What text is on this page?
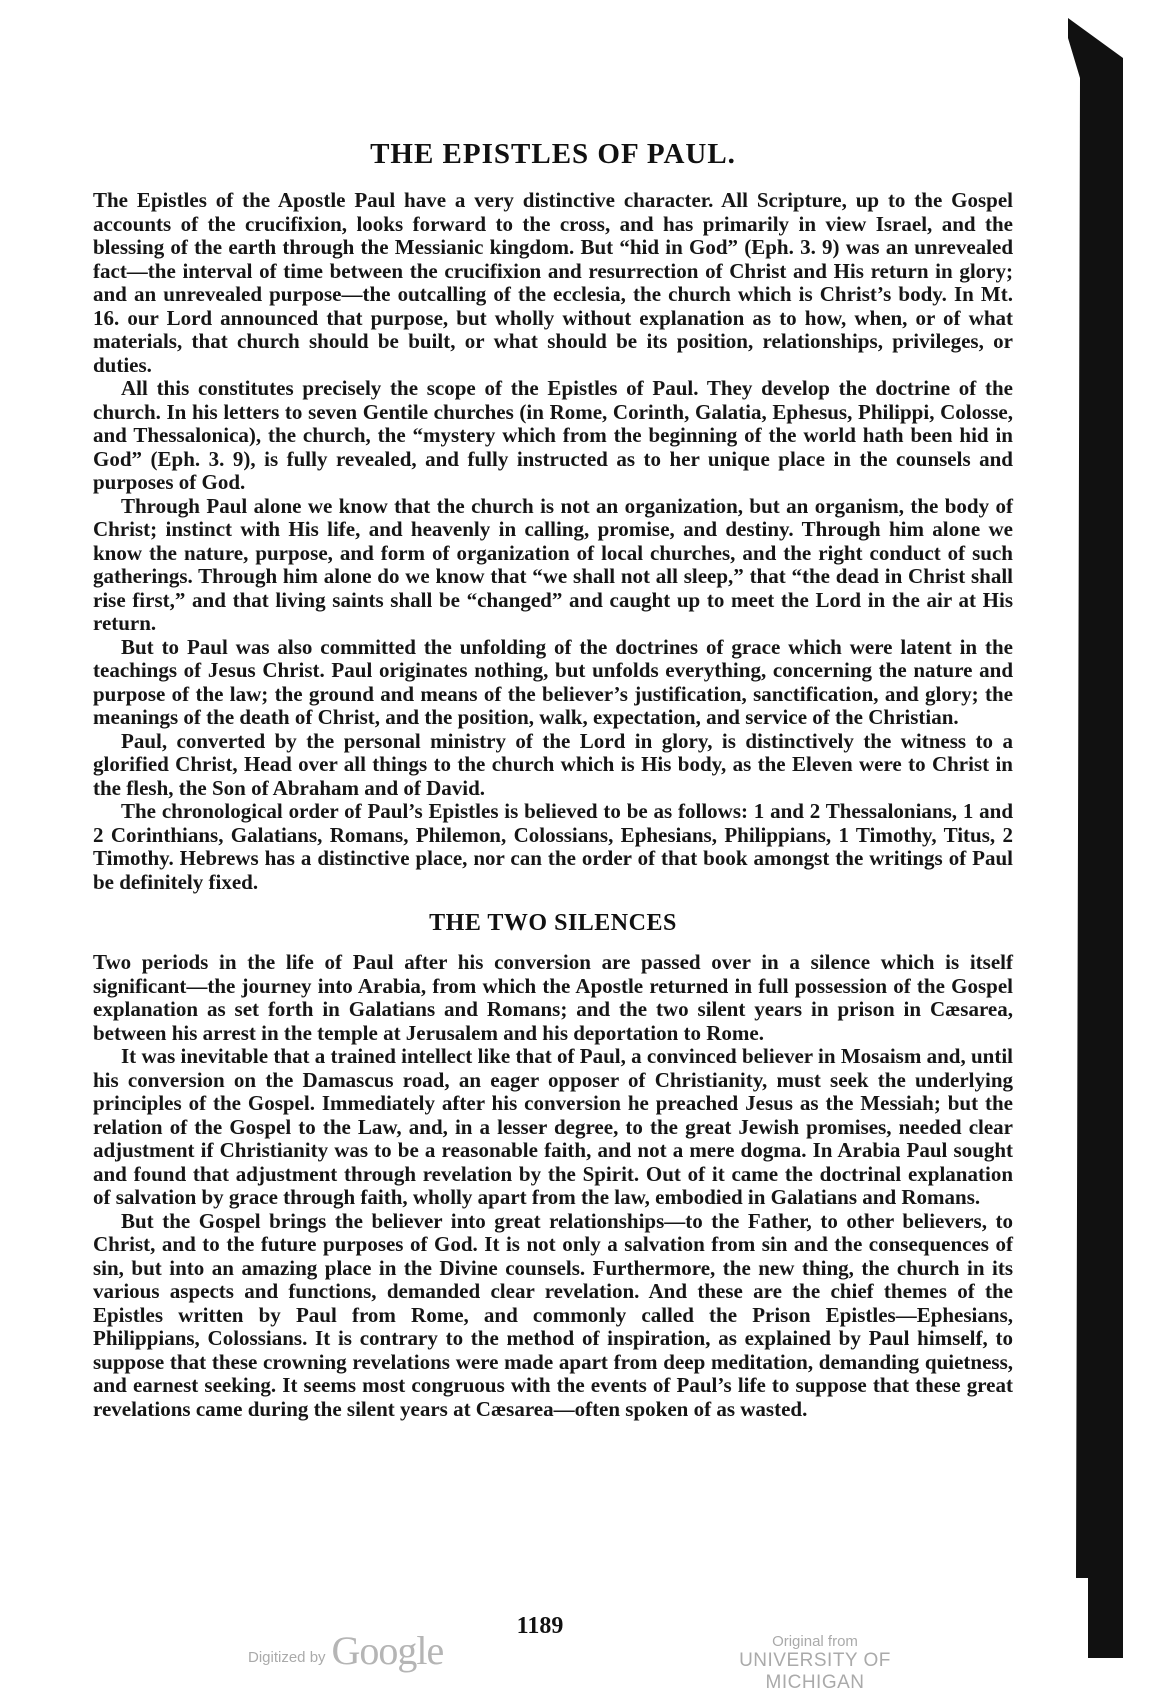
THE EPISTLES OF PAUL.

The Epistles of the Apostle Paul have a very distinctive character. All Scripture, up to the Gospel accounts of the crucifixion, looks forward to the cross, and has primarily in view Israel, and the blessing of the earth through the Messianic kingdom. But “hid in God” (Eph. 3. 9) was an unrevealed fact—the interval of time between the crucifixion and resurrection of Christ and His return in glory; and an unrevealed purpose—the outcalling of the ecclesia, the church which is Christ’s body. In Mt. 16. our Lord announced that purpose, but wholly without explanation as to how, when, or of what materials, that church should be built, or what should be its position, relationships, privileges, or duties.

All this constitutes precisely the scope of the Epistles of Paul. They develop the doctrine of the church. In his letters to seven Gentile churches (in Rome, Corinth, Galatia, Ephesus, Philippi, Colosse, and Thessalonica), the church, the “mystery which from the beginning of the world hath been hid in God” (Eph. 3. 9), is fully revealed, and fully instructed as to her unique place in the counsels and purposes of God.

Through Paul alone we know that the church is not an organization, but an organism, the body of Christ; instinct with His life, and heavenly in calling, promise, and destiny. Through him alone we know the nature, purpose, and form of organization of local churches, and the right conduct of such gatherings. Through him alone do we know that “we shall not all sleep,” that “the dead in Christ shall rise first,” and that living saints shall be “changed” and caught up to meet the Lord in the air at His return.

But to Paul was also committed the unfolding of the doctrines of grace which were latent in the teachings of Jesus Christ. Paul originates nothing, but unfolds everything, concerning the nature and purpose of the law; the ground and means of the believer’s justification, sanctification, and glory; the meanings of the death of Christ, and the position, walk, expectation, and service of the Christian.

Paul, converted by the personal ministry of the Lord in glory, is distinctively the witness to a glorified Christ, Head over all things to the church which is His body, as the Eleven were to Christ in the flesh, the Son of Abraham and of David.

The chronological order of Paul’s Epistles is believed to be as follows: 1 and 2 Thessalonians, 1 and 2 Corinthians, Galatians, Romans, Philemon, Colossians, Ephesians, Philippians, 1 Timothy, Titus, 2 Timothy. Hebrews has a distinctive place, nor can the order of that book amongst the writings of Paul be definitely fixed.

THE TWO SILENCES

Two periods in the life of Paul after his conversion are passed over in a silence which is itself significant—the journey into Arabia, from which the Apostle returned in full possession of the Gospel explanation as set forth in Galatians and Romans; and the two silent years in prison in Cæsarea, between his arrest in the temple at Jerusalem and his deportation to Rome.

It was inevitable that a trained intellect like that of Paul, a convinced believer in Mosaism and, until his conversion on the Damascus road, an eager opposer of Christianity, must seek the underlying principles of the Gospel. Immediately after his conversion he preached Jesus as the Messiah; but the relation of the Gospel to the Law, and, in a lesser degree, to the great Jewish promises, needed clear adjustment if Christianity was to be a reasonable faith, and not a mere dogma. In Arabia Paul sought and found that adjustment through revelation by the Spirit. Out of it came the doctrinal explanation of salvation by grace through faith, wholly apart from the law, embodied in Galatians and Romans.

But the Gospel brings the believer into great relationships—to the Father, to other believers, to Christ, and to the future purposes of God. It is not only a salvation from sin and the consequences of sin, but into an amazing place in the Divine counsels. Furthermore, the new thing, the church in its various aspects and functions, demanded clear revelation. And these are the chief themes of the Epistles written by Paul from Rome, and commonly called the Prison Epistles—Ephesians, Philippians, Colossians. It is contrary to the method of inspiration, as explained by Paul himself, to suppose that these crowning revelations were made apart from deep meditation, demanding quietness, and earnest seeking. It seems most congruous with the events of Paul’s life to suppose that these great revelations came during the silent years at Cæsarea—often spoken of as wasted.

1189
Digitized by Google	Original from
UNIVERSITY OF MICHIGAN
